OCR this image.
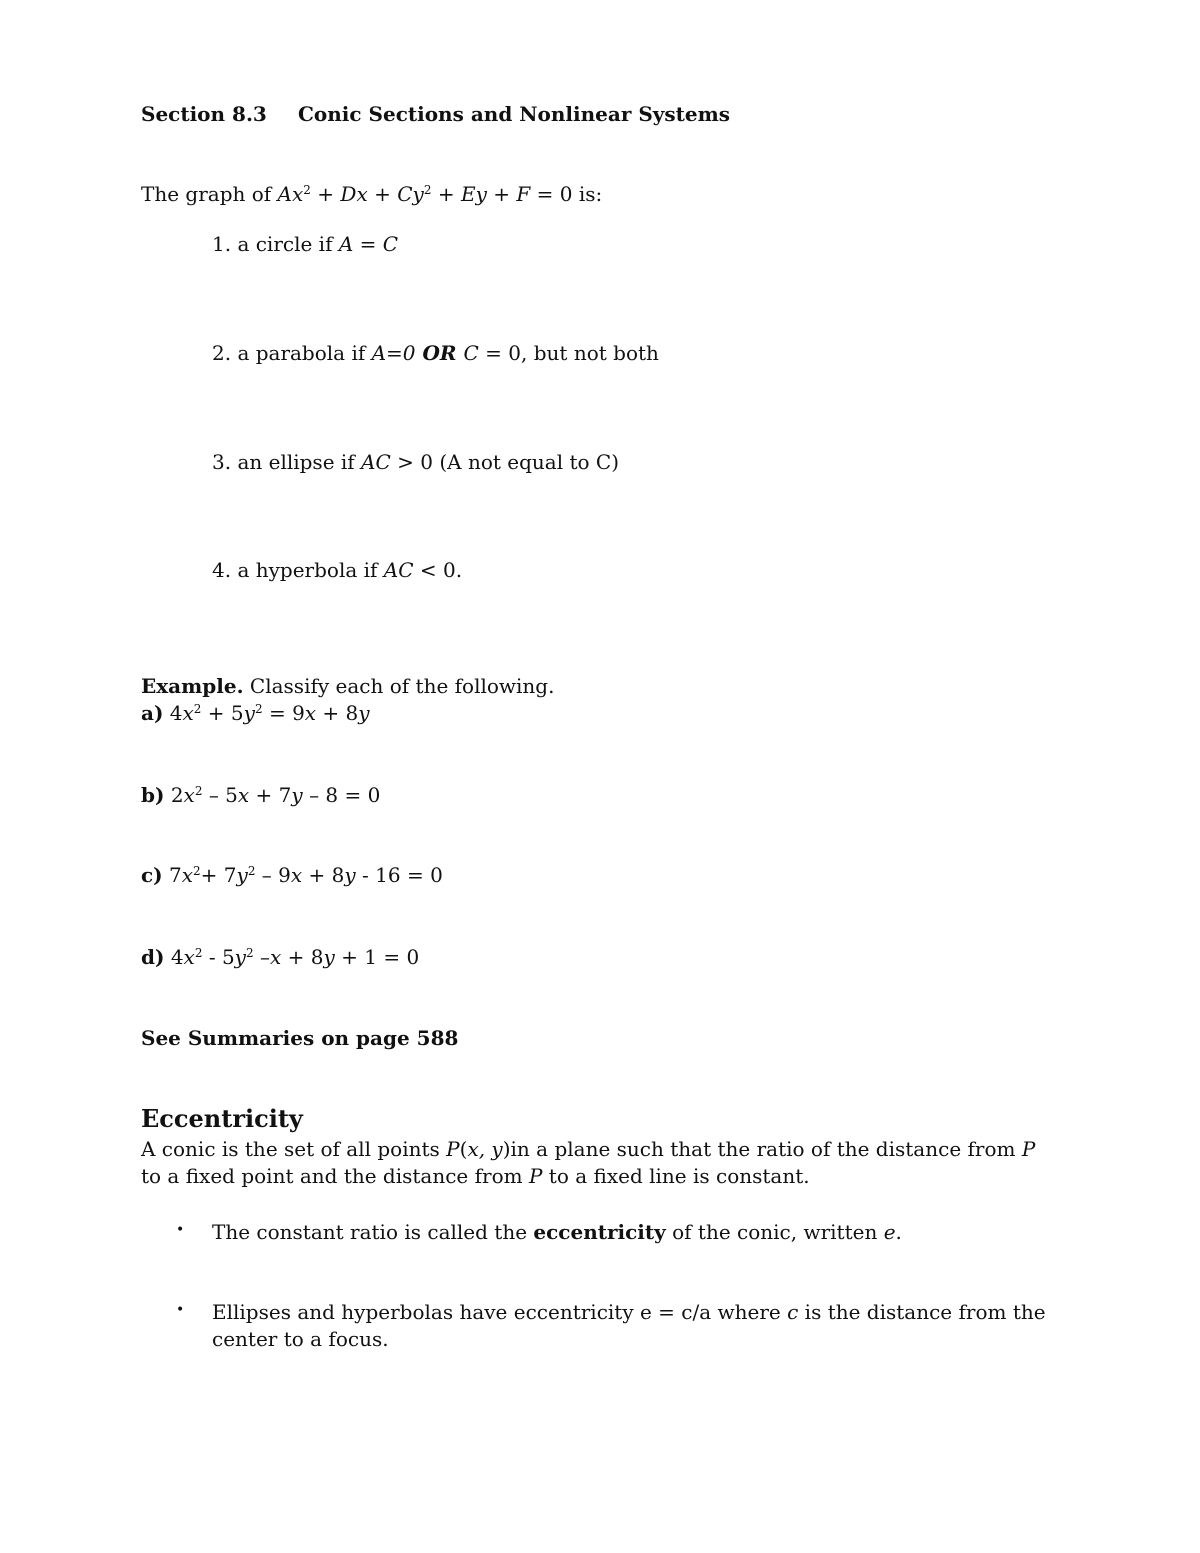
Section 8.3 Conic Sections and Nonlinear Systems
The graph of $Ax^2 + Dx + Cy^2 + Ey + F = 0$ is:
1. a circle if A = C
2. a parabola if A=0 OR C = 0, but not both
3. an ellipse if AC > 0 (A not equal to C)
4. a hyperbola if AC < 0.
Example. Classify each of the following.
a) $4x^2 + 5y^2 = 9x + 8y$
b) $2x^2 - 5x + 7y - 8 = 0$
c) $7x^2+ 7y^2 - 9x + 8y - 16 = 0$
d) $4x^2 - 5y^2$ –x + 8y + 1 = 0
See Summaries on page 588
Eccentricity
A conic is the set of all points P(x, y)in a plane such that the ratio of the distance from P to a fixed point and the distance from P to a fixed line is constant.
• The constant ratio is called the eccentricity of the conic, written e.
• Ellipses and hyperbolas have eccentricity e = c/a where c is the distance from the center to a focus.
